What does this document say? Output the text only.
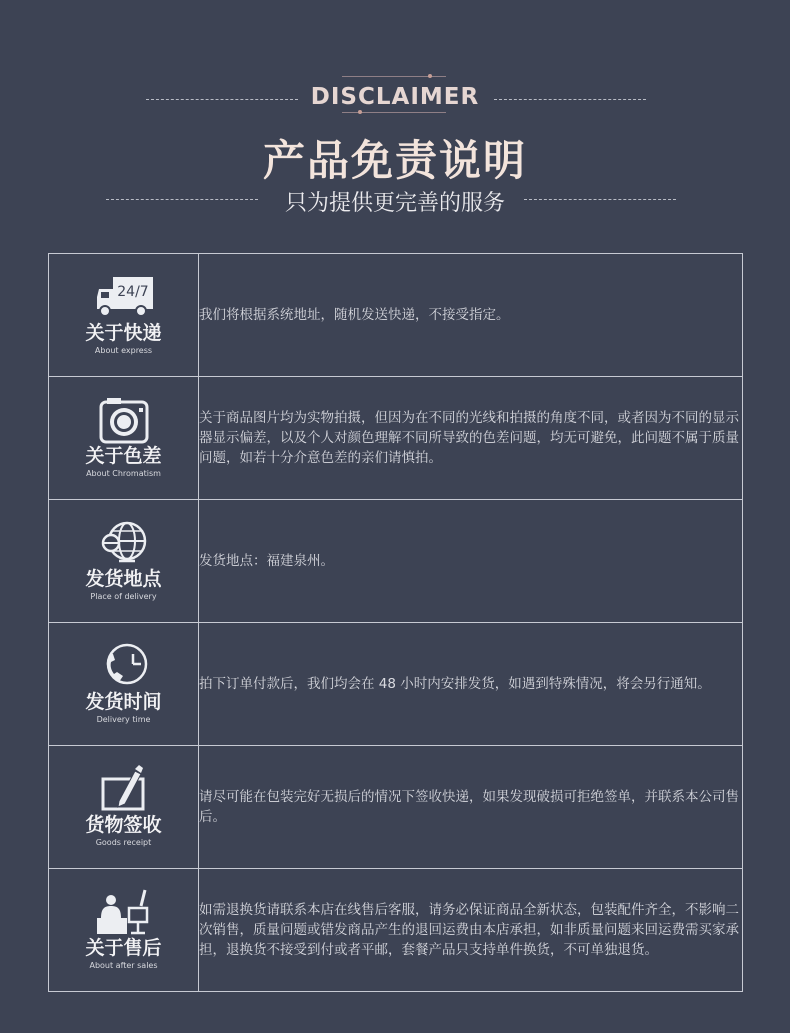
DISCLAIMER
产品免责说明
只为提供更完善的服务
24/7
关于快递
About express	我们将根据系统地址，随机发送快递，不接受指定。

关于色差
About Chromatism	关于商品图片均为实物拍摄，但因为在不同的光线和拍摄的角度不同，或者因为不同的显示器显示偏差，以及个人对颜色理解不同所导致的色差问题，均无可避免，此问题不属于质量问题，如若十分介意色差的亲们请慎拍。

发货地点
Place of delivery	发货地点：福建泉州。

发货时间
Delivery time	拍下订单付款后，我们均会在 48 小时内安排发货，如遇到特殊情况，将会另行通知。

货物签收
Goods receipt	请尽可能在包装完好无损后的情况下签收快递，如果发现破损可拒绝签单，并联系本公司售后。

关于售后
About after sales	如需退换货请联系本店在线售后客服，请务必保证商品全新状态，包装配件齐全，不影响二次销售，质量问题或错发商品产生的退回运费由本店承担，如非质量问题来回运费需买家承担，退换货不接受到付或者平邮，套餐产品只支持单件换货，不可单独退货。
